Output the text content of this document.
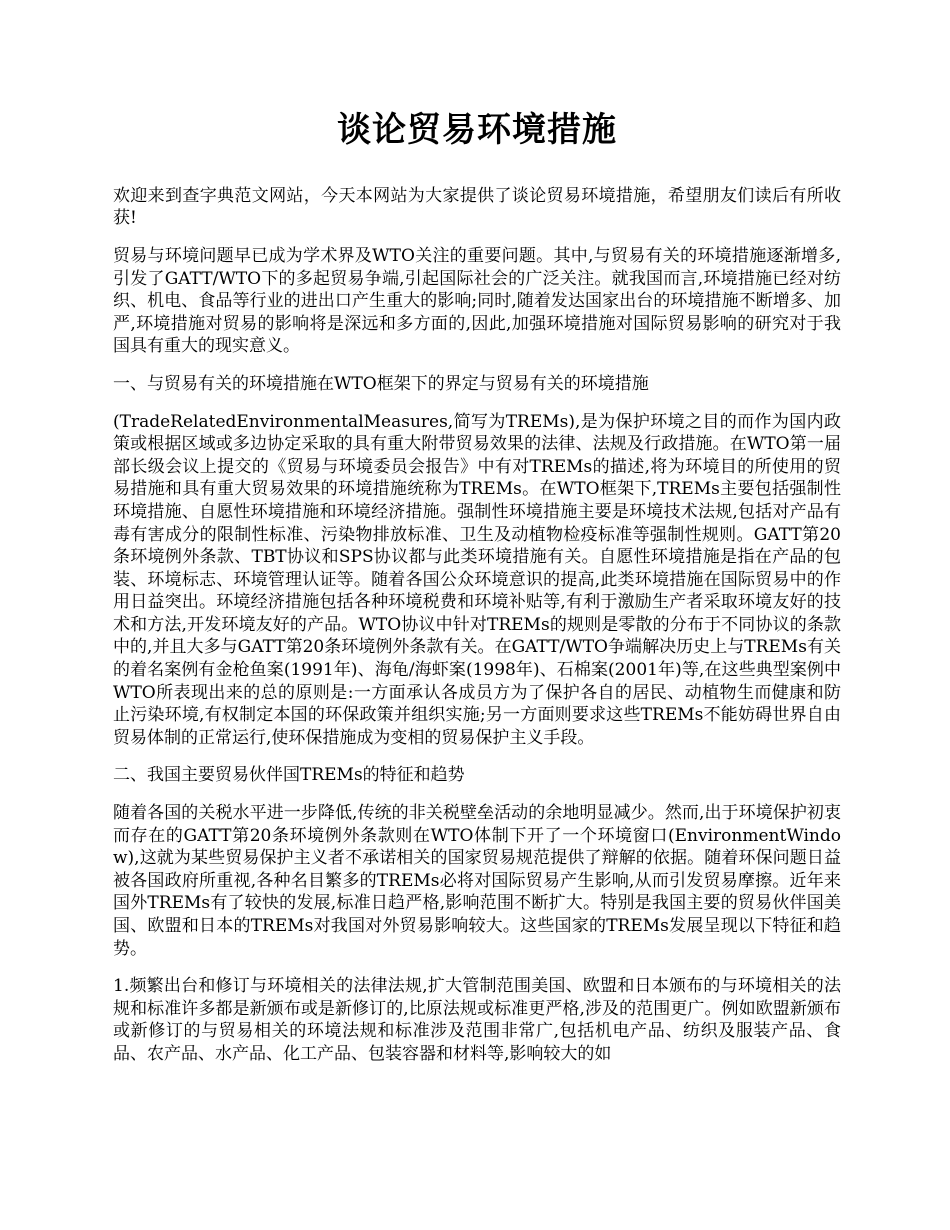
谈论贸易环境措施

欢迎来到查字典范文网站，今天本网站为大家提供了谈论贸易环境措施，希望朋友们读后有所收获!

贸易与环境问题早已成为学术界及WTO关注的重要问题。其中,与贸易有关的环境措施逐渐增多,引发了GATT/WTO下的多起贸易争端,引起国际社会的广泛关注。就我国而言,环境措施已经对纺织、机电、食品等行业的进出口产生重大的影响;同时,随着发达国家出台的环境措施不断增多、加严,环境措施对贸易的影响将是深远和多方面的,因此,加强环境措施对国际贸易影响的研究对于我国具有重大的现实意义。

一、与贸易有关的环境措施在WTO框架下的界定与贸易有关的环境措施

(TradeRelatedEnvironmentalMeasures,简写为TREMs),是为保护环境之目的而作为国内政策或根据区域或多边协定采取的具有重大附带贸易效果的法律、法规及行政措施。在WTO第一届部长级会议上提交的《贸易与环境委员会报告》中有对TREMs的描述,将为环境目的所使用的贸易措施和具有重大贸易效果的环境措施统称为TREMs。在WTO框架下,TREMs主要包括强制性环境措施、自愿性环境措施和环境经济措施。强制性环境措施主要是环境技术法规,包括对产品有毒有害成分的限制性标准、污染物排放标准、卫生及动植物检疫标准等强制性规则。GATT第20条环境例外条款、TBT协议和SPS协议都与此类环境措施有关。自愿性环境措施是指在产品的包装、环境标志、环境管理认证等。随着各国公众环境意识的提高,此类环境措施在国际贸易中的作用日益突出。环境经济措施包括各种环境税费和环境补贴等,有利于激励生产者采取环境友好的技术和方法,开发环境友好的产品。WTO协议中针对TREMs的规则是零散的分布于不同协议的条款中的,并且大多与GATT第20条环境例外条款有关。在GATT/WTO争端解决历史上与TREMs有关的着名案例有金枪鱼案(1991年)、海龟/海虾案(1998年)、石棉案(2001年)等,在这些典型案例中WTO所表现出来的总的原则是:一方面承认各成员方为了保护各自的居民、动植物生而健康和防止污染环境,有权制定本国的环保政策并组织实施;另一方面则要求这些TREMs不能妨碍世界自由贸易体制的正常运行,使环保措施成为变相的贸易保护主义手段。

二、我国主要贸易伙伴国TREMs的特征和趋势

随着各国的关税水平进一步降低,传统的非关税壁垒活动的余地明显减少。然而,出于环境保护初衷而存在的GATT第20条环境例外条款则在WTO体制下开了一个环境窗口(EnvironmentWindow),这就为某些贸易保护主义者不承诺相关的国家贸易规范提供了辩解的依据。随着环保问题日益被各国政府所重视,各种名目繁多的TREMs必将对国际贸易产生影响,从而引发贸易摩擦。近年来国外TREMs有了较快的发展,标准日趋严格,影响范围不断扩大。特别是我国主要的贸易伙伴国美国、欧盟和日本的TREMs对我国对外贸易影响较大。这些国家的TREMs发展呈现以下特征和趋势。

1.频繁出台和修订与环境相关的法律法规,扩大管制范围美国、欧盟和日本颁布的与环境相关的法规和标准许多都是新颁布或是新修订的,比原法规或标准更严格,涉及的范围更广。例如欧盟新颁布或新修订的与贸易相关的环境法规和标准涉及范围非常广,包括机电产品、纺织及服装产品、食品、农产品、水产品、化工产品、包装容器和材料等,影响较大的如
